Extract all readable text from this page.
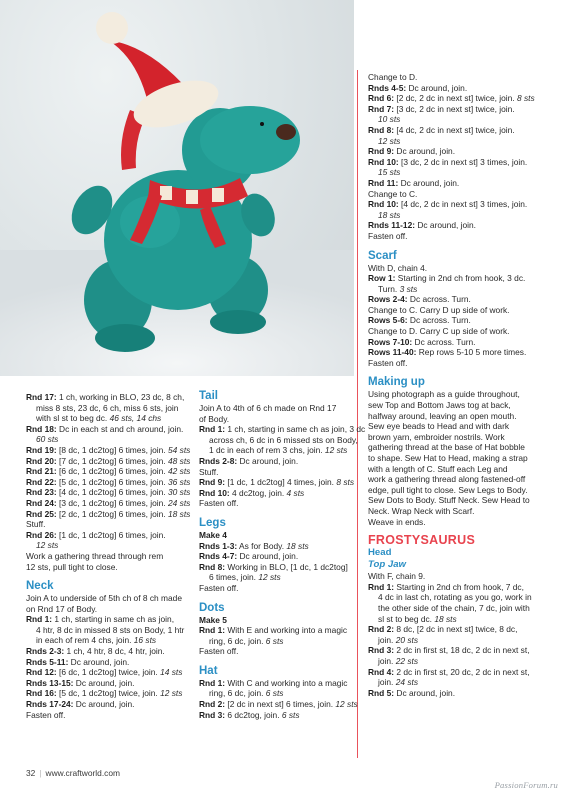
Rnd 17: 1 ch, working in BLO, 23 dc, 8 ch,
miss 8 sts, 23 dc, 6 ch, miss 6 sts, join
with sl st to beg dc. 46 sts, 14 chs
Rnd 18: Dc in each st and ch around, join.
60 sts
Rnd 19: [8 dc, 1 dc2tog] 6 times, join. 54 sts
Rnd 20: [7 dc, 1 dc2tog] 6 times, join. 48 sts
Rnd 21: [6 dc, 1 dc2tog] 6 times, join. 42 sts
Rnd 22: [5 dc, 1 dc2tog] 6 times, join. 36 sts
Rnd 23: [4 dc, 1 dc2tog] 6 times, join. 30 sts
Rnd 24: [3 dc, 1 dc2tog] 6 times, join. 24 sts
Rnd 25: [2 dc, 1 dc2tog] 6 times, join. 18 sts
Stuff.
Rnd 26: [1 dc, 1 dc2tog] 6 times, join.
12 sts
Work a gathering thread through rem
12 sts, pull tight to close.
Neck
Join A to underside of 5th ch of 8 ch made
on Rnd 17 of Body.
Rnd 1: 1 ch, starting in same ch as join,
4 htr, 8 dc in missed 8 sts on Body, 1 htr
in each of rem 4 chs, join. 16 sts
Rnds 2-3: 1 ch, 4 htr, 8 dc, 4 htr, join.
Rnds 5-11: Dc around, join.
Rnd 12: [6 dc, 1 dc2tog] twice, join. 14 sts
Rnds 13-15: Dc around, join.
Rnd 16: [5 dc, 1 dc2tog] twice, join. 12 sts
Rnds 17-24: Dc around, join.
Fasten off.
Tail
Join A to 4th of 6 ch made on Rnd 17
of Body.
Rnd 1: 1 ch, starting in same ch as join, 3 dc
across ch, 6 dc in 6 missed sts on Body,
1 dc in each of rem 3 chs, join. 12 sts
Rnds 2-8: Dc around, join.
Stuff.
Rnd 9: [1 dc, 1 dc2tog] 4 times, join. 8 sts
Rnd 10: 4 dc2tog, join. 4 sts
Fasten off.
Legs
Make 4
Rnds 1-3: As for Body. 18 sts
Rnds 4-7: Dc around, join.
Rnd 8: Working in BLO, [1 dc, 1 dc2tog]
6 times, join. 12 sts
Fasten off.
Dots
Make 5
Rnd 1: With E and working into a magic
ring, 6 dc, join. 6 sts
Fasten off.
Hat
Rnd 1: With C and working into a magic
ring, 6 dc, join. 6 sts
Rnd 2: [2 dc in next st] 6 times, join. 12 sts
Rnd 3: 6 dc2tog, join. 6 sts
Change to D.
Rnds 4-5: Dc around, join.
Rnd 6: [2 dc, 2 dc in next st] twice, join. 8 sts
Rnd 7: [3 dc, 2 dc in next st] twice, join.
10 sts
Rnd 8: [4 dc, 2 dc in next st] twice, join.
12 sts
Rnd 9: Dc around, join.
Rnd 10: [3 dc, 2 dc in next st] 3 times, join.
15 sts
Rnd 11: Dc around, join.
Change to C.
Rnd 10: [4 dc, 2 dc in next st] 3 times, join.
18 sts
Rnds 11-12: Dc around, join.
Fasten off.
Scarf
With D, chain 4.
Row 1: Starting in 2nd ch from hook, 3 dc.
Turn. 3 sts
Rows 2-4: Dc across. Turn.
Change to C. Carry D up side of work.
Rows 5-6: Dc across. Turn.
Change to D. Carry C up side of work.
Rows 7-10: Dc across. Turn.
Rows 11-40: Rep rows 5-10 5 more times.
Fasten off.
Making up
Using photograph as a guide throughout,
sew Top and Bottom Jaws tog at back,
halfway around, leaving an open mouth.
Sew eye beads to Head and with dark
brown yarn, embroider nostrils. Work
gathering thread at the base of Hat bobble
to shape. Sew Hat to Head, making a strap
with a length of C. Stuff each Leg and
work a gathering thread along fastened-off
edge, pull tight to close. Sew Legs to Body.
Sew Dots to Body. Stuff Neck. Sew Head to
Neck. Wrap Neck with Scarf.
Weave in ends.
FROSTYSAURUS
Head
Top Jaw
With F, chain 9.
Rnd 1: Starting in 2nd ch from hook, 7 dc,
4 dc in last ch, rotating as you go, work in
the other side of the chain, 7 dc, join with
sl st to beg dc. 18 sts
Rnd 2: 8 dc, [2 dc in next st] twice, 8 dc,
join. 20 sts
Rnd 3: 2 dc in first st, 18 dc, 2 dc in next st,
join. 22 sts
Rnd 4: 2 dc in first st, 20 dc, 2 dc in next st,
join. 24 sts
Rnd 5: Dc around, join.
32 | www.craftworld.com
PassionForum.ru
